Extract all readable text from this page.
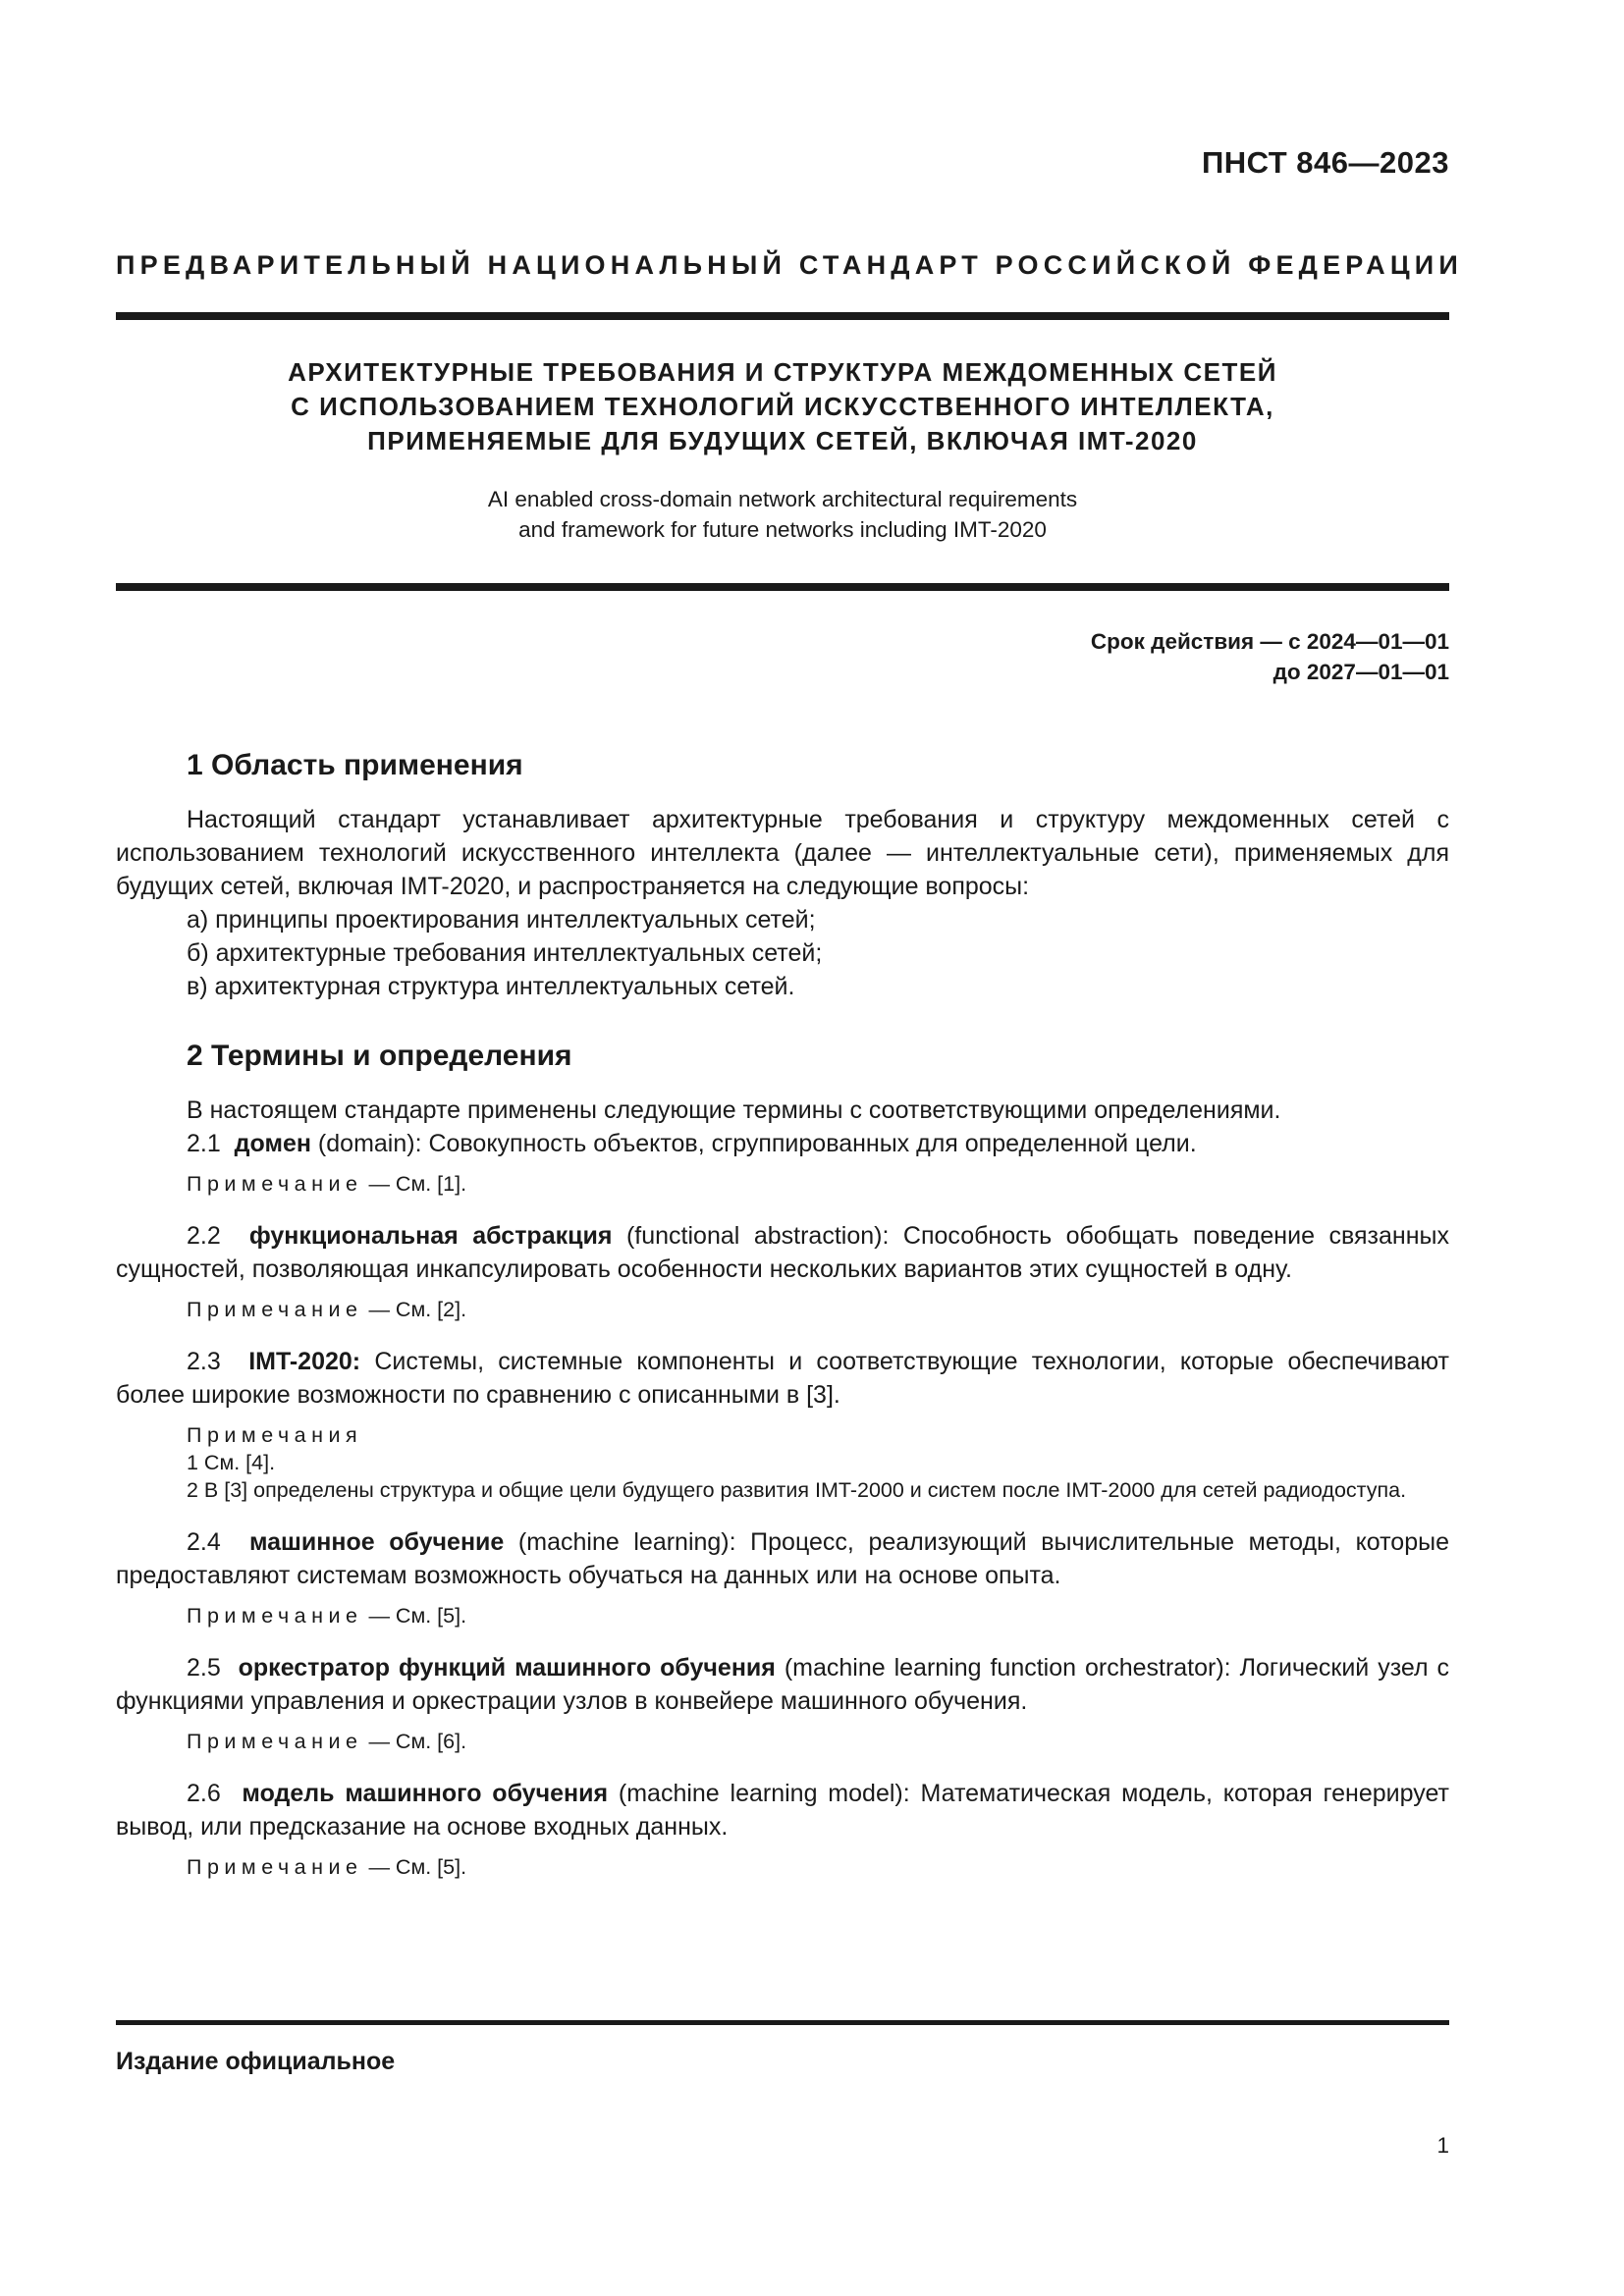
ПНСТ 846—2023
ПРЕДВАРИТЕЛЬНЫЙ НАЦИОНАЛЬНЫЙ СТАНДАРТ РОССИЙСКОЙ ФЕДЕРАЦИИ
АРХИТЕКТУРНЫЕ ТРЕБОВАНИЯ И СТРУКТУРА МЕЖДОМЕННЫХ СЕТЕЙ
С ИСПОЛЬЗОВАНИЕМ ТЕХНОЛОГИЙ ИСКУССТВЕННОГО ИНТЕЛЛЕКТА,
ПРИМЕНЯЕМЫЕ ДЛЯ БУДУЩИХ СЕТЕЙ, ВКЛЮЧАЯ IMT-2020
AI enabled cross-domain network architectural requirements
and framework for future networks including IMT-2020
Срок действия — с 2024—01—01
до 2027—01—01
1 Область применения

Настоящий стандарт устанавливает архитектурные требования и структуру междоменных сетей с использованием технологий искусственного интеллекта (далее — интеллектуальные сети), применяемых для будущих сетей, включая IMT-2020, и распространяется на следующие вопросы:

а) принципы проектирования интеллектуальных сетей;
б) архитектурные требования интеллектуальных сетей;
в) архитектурная структура интеллектуальных сетей.
2 Термины и определения

В настоящем стандарте применены следующие термины с соответствующими определениями.

2.1 домен (domain): Совокупность объектов, сгруппированных для определенной цели.

Примечание — См. [1].

2.2 функциональная абстракция (functional abstraction): Способность обобщать поведение связанных сущностей, позволяющая инкапсулировать особенности нескольких вариантов этих сущностей в одну.

Примечание — См. [2].

2.3 IMT-2020: Системы, системные компоненты и соответствующие технологии, которые обеспечивают более широкие возможности по сравнению с описанными в [3].

Примечания
1 См. [4].
2 В [3] определены структура и общие цели будущего развития IMT-2000 и систем после IMT-2000 для сетей радиодоступа.

2.4 машинное обучение (machine learning): Процесс, реализующий вычислительные методы, которые предоставляют системам возможность обучаться на данных или на основе опыта.

Примечание — См. [5].

2.5 оркестратор функций машинного обучения (machine learning function orchestrator): Логический узел с функциями управления и оркестрации узлов в конвейере машинного обучения.

Примечание — См. [6].

2.6 модель машинного обучения (machine learning model): Математическая модель, которая генерирует вывод, или предсказание на основе входных данных.

Примечание — См. [5].
Издание официальное
1
